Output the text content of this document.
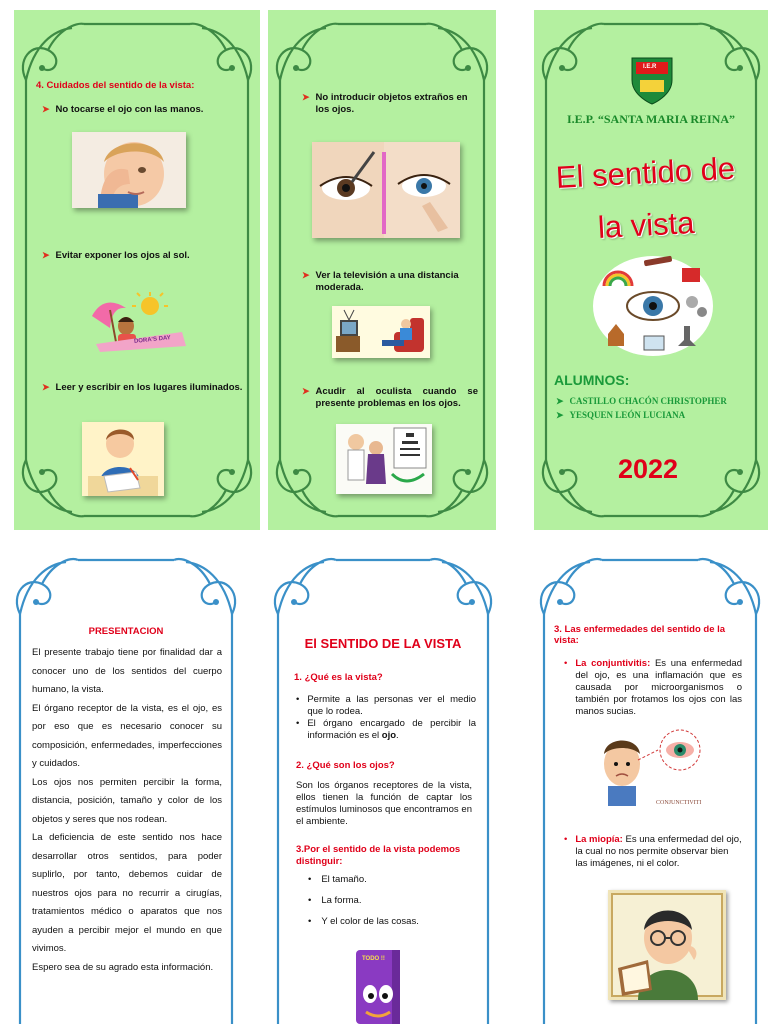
4. Cuidados del sentido de la vista:
➤ No tocarse el ojo con las manos.
➤ Evitar exponer los ojos al sol.
DORA'S DAY
➤ Leer y escribir en los lugares iluminados.
➤ No introducir objetos extraños en los ojos.
➤ Ver la televisión a una distancia moderada.
➤ Acudir al oculista cuando se presente problemas en los ojos.
I.E.R
I.E.P. “SANTA MARIA REINA”
El sentido de
la vista
ALUMNOS:
➤ CASTILLO CHACÓN CHRISTOPHER
➤ YESQUEN LEÓN LUCIANA
2022
PRESENTACION

El presente trabajo tiene por finalidad dar a conocer uno de los sentidos del cuerpo humano, la vista.

El órgano receptor de la vista, es el ojo, es por eso que es necesario conocer su composición, enfermedades, imperfecciones y cuidados.

Los ojos nos permiten percibir la forma, distancia, posición, tamaño y color de los objetos y seres que nos rodean.

La deficiencia de este sentido nos hace desarrollar otros sentidos, para poder suplirlo, por tanto, debemos cuidar de nuestros ojos para no recurrir a cirugías, tratamientos médico o aparatos que nos ayuden a percibir mejor el mundo en que vivimos.

Espero sea de su agrado esta información.

El SENTIDO DE LA VISTA
1. ¿Qué es la vista?
• Permite a las personas ver el medio que lo rodea.
• El órgano encargado de percibir la información es el ojo.
2. ¿Qué son los ojos?
Son los órganos receptores de la vista, ellos tienen la función de captar los estímulos luminosos que encontramos en el ambiente.
3.Por el sentido de la vista podemos distinguir:
• El tamaño.
• La forma.
• Y el color de las cosas.
TODO !!
3. Las enfermedades del sentido de la vista:
• La conjuntivitis: Es una enfermedad del ojo, es una inflamación que es causada por microorganismos o también por frotamos los ojos con las manos sucias.
CONJUNCTIVITI
• La miopía: Es una enfermedad del ojo, la cual no nos permite observar bien las imágenes, ni el color.
